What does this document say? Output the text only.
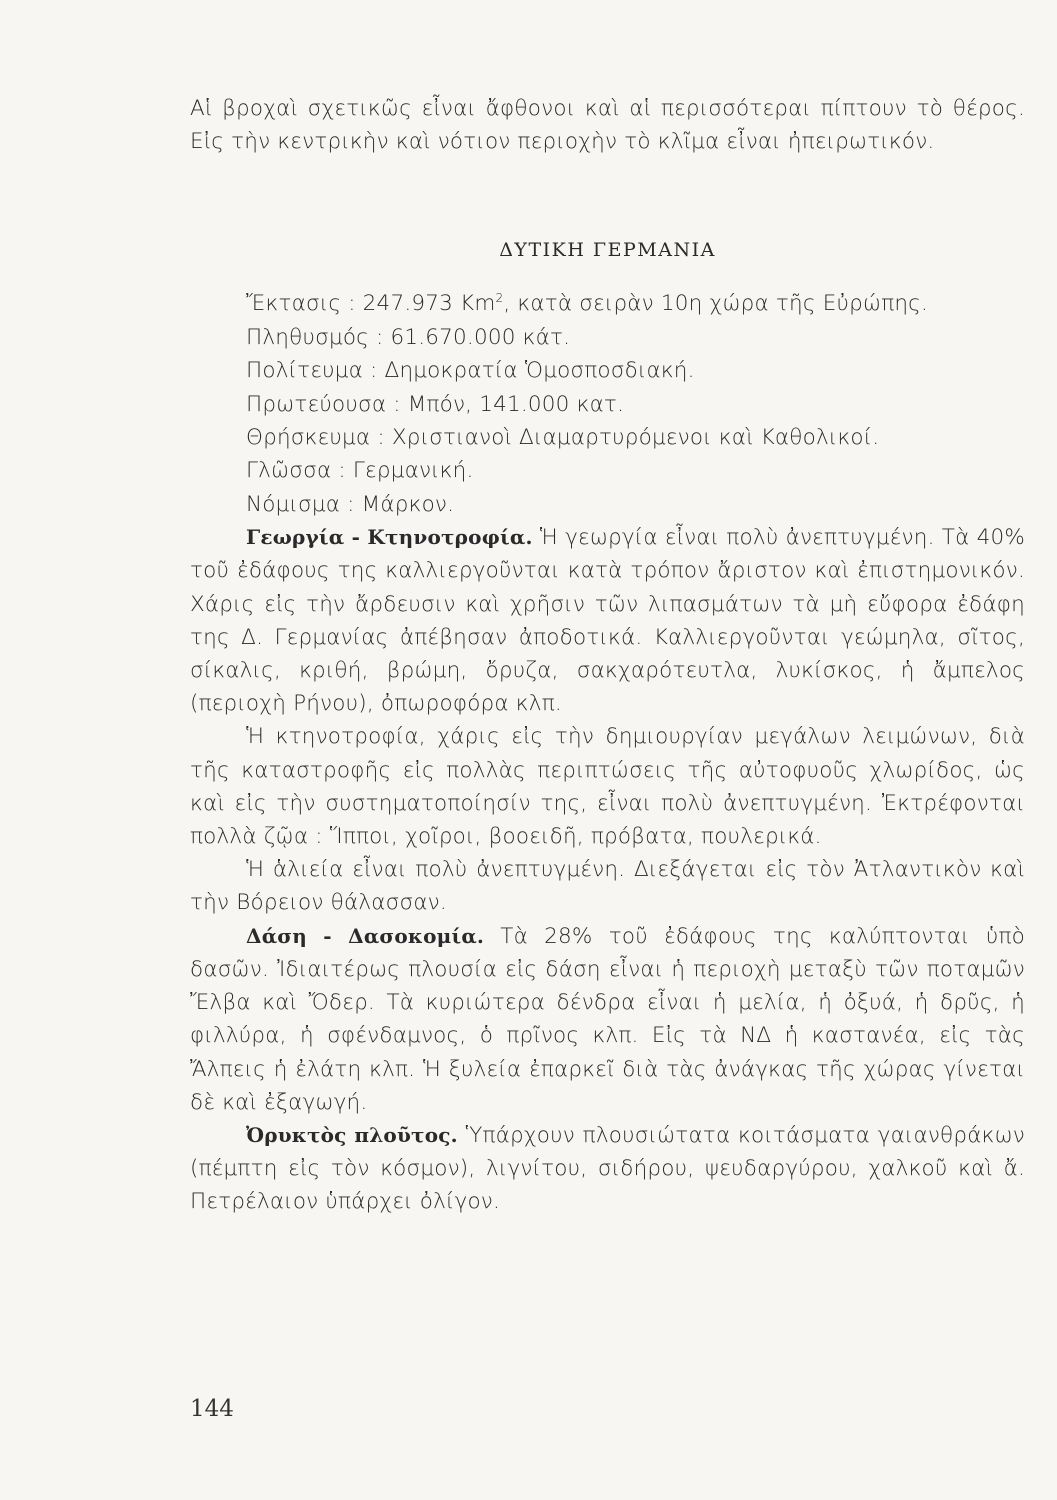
Αἱ βροχαὶ σχετικῶς εἶναι ἄφθονοι καὶ αἱ περισσότεραι πίπτουν τὸ θέρος. Εἰς τὴν κεντρικὴν καὶ νότιον περιοχὴν τὸ κλῖμα εἶναι ἠπειρωτικόν.

ΔΥΤΙΚΗ ΓΕΡΜΑΝΙΑ
Ἔκτασις : 247.973 Km$^2$, κατὰ σειρὰν 10η χώρα τῆς Εὐρώπης.
Πληθυσμός : 61.670.000 κάτ.
Πολίτευμα : Δημοκρατία Ὁμοσποσδιακή.
Πρωτεύουσα : Μπόν, 141.000 κατ.
Θρήσκευμα : Χριστιανοὶ Διαμαρτυρόμενοι καὶ Καθολικοί.
Γλῶσσα : Γερμανική.
Νόμισμα : Μάρκον.

Γεωργία - Κτηνοτροφία. Ἡ γεωργία εἶναι πολὺ ἀνεπτυγμένη. Τὰ 40% τοῦ ἐδάφους της καλλιεργοῦνται κατὰ τρόπον ἄριστον καὶ ἐπιστημονικόν. Χάρις εἰς τὴν ἄρδευσιν καὶ χρῆσιν τῶν λιπασμάτων τὰ μὴ εὔφορα ἐδάφη της Δ. Γερμανίας ἀπέβησαν ἀποδοτικά. Καλλιεργοῦνται γεώμηλα, σῖτος, σίκαλις, κριθή, βρώμη, ὄρυζα, σακχαρότευτλα, λυκίσκος, ἡ ἄμπελος (περιοχὴ Ρήνου), ὀπωροφόρα κλπ.

Ἡ κτηνοτροφία, χάρις εἰς τὴν δημιουργίαν μεγάλων λειμώνων, διὰ τῆς καταστροφῆς εἰς πολλὰς περιπτώσεις τῆς αὐτοφυοῦς χλωρίδος, ὡς καὶ εἰς τὴν συστηματοποίησίν της, εἶναι πολὺ ἀνεπτυγμένη. Ἐκτρέφονται πολλὰ ζῷα : Ἵπποι, χοῖροι, βοοειδῆ, πρόβατα, πουλερικά.

Ἡ ἁλιεία εἶναι πολὺ ἀνεπτυγμένη. Διεξάγεται εἰς τὸν Ἀτλαντικὸν καὶ τὴν Βόρειον θάλασσαν.

Δάση - Δασοκομία. Τὰ 28% τοῦ ἐδάφους της καλύπτονται ὑπὸ δασῶν. Ἰδιαιτέρως πλουσία εἰς δάση εἶναι ἡ περιοχὴ μεταξὺ τῶν ποταμῶν Ἔλβα καὶ Ὄδερ. Τὰ κυριώτερα δένδρα εἶναι ἡ μελία, ἡ ὀξυά, ἡ δρῦς, ἡ φιλλύρα, ἡ σφένδαμνος, ὁ πρῖνος κλπ. Εἰς τὰ ΝΔ ἡ καστανέα, εἰς τὰς Ἄλπεις ἡ ἐλάτη κλπ. Ἡ ξυλεία ἐπαρκεῖ διὰ τὰς ἀνάγκας τῆς χώρας γίνεται δὲ καὶ ἐξαγωγή.

Ὀρυκτὸς πλοῦτος. Ὑπάρχουν πλουσιώτατα κοιτάσματα γαιανθράκων (πέμπτη εἰς τὸν κόσμον), λιγνίτου, σιδήρου, ψευδαργύρου, χαλκοῦ καὶ ἄ. Πετρέλαιον ὑπάρχει ὀλίγον.

144
